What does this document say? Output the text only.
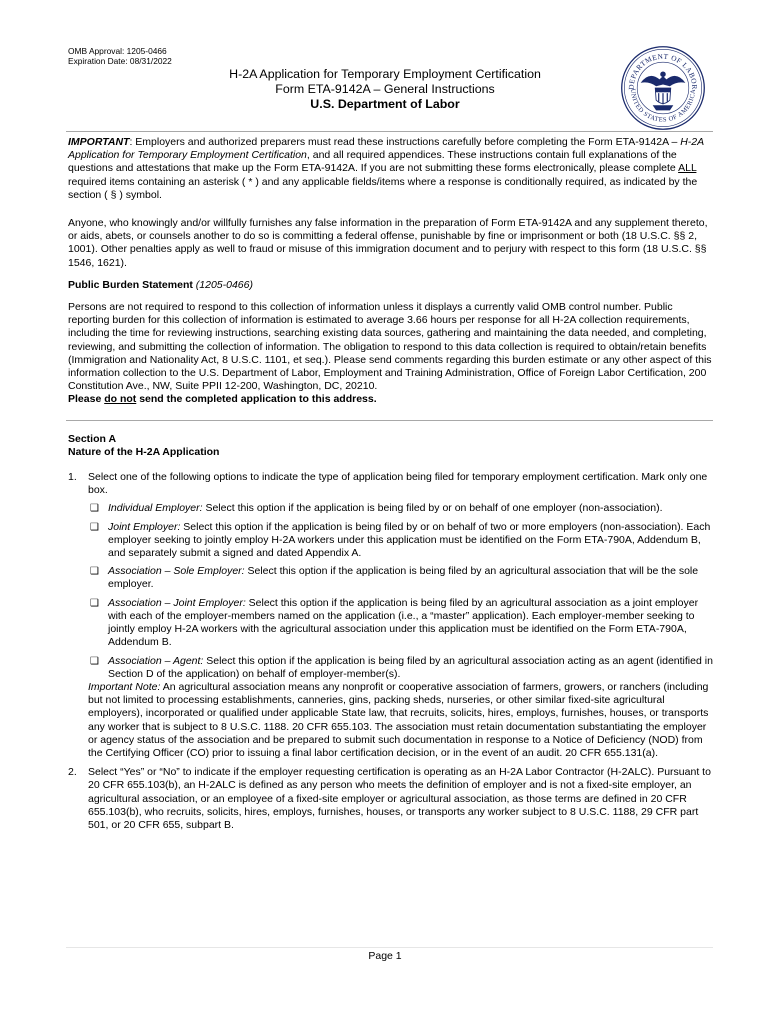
OMB Approval: 1205-0466
Expiration Date: 08/31/2022
H-2A Application for Temporary Employment Certification
Form ETA-9142A – General Instructions
U.S. Department of Labor
DEPARTMENT OF LABOR
UNITED STATES OF AMERICA

IMPORTANT: Employers and authorized preparers must read these instructions carefully before completing the Form ETA-9142A – H-2A Application for Temporary Employment Certification, and all required appendices. These instructions contain full explanations of the questions and attestations that make up the Form ETA-9142A. If you are not submitting these forms electronically, please complete ALL required items containing an asterisk ( * ) and any applicable fields/items where a response is conditionally required, as indicated by the section ( § ) symbol.

Anyone, who knowingly and/or willfully furnishes any false information in the preparation of Form ETA-9142A and any supplement thereto, or aids, abets, or counsels another to do so is committing a federal offense, punishable by fine or imprisonment or both (18 U.S.C. §§ 2, 1001). Other penalties apply as well to fraud or misuse of this immigration document and to perjury with respect to this form (18 U.S.C. §§ 1546, 1621).

Public Burden Statement (1205-0466)

Persons are not required to respond to this collection of information unless it displays a currently valid OMB control number. Public reporting burden for this collection of information is estimated to average 3.66 hours per response for all H-2A collection requirements, including the time for reviewing instructions, searching existing data sources, gathering and maintaining the data needed, and completing, reviewing, and submitting the collection of information. The obligation to respond to this data collection is required to obtain/retain benefits (Immigration and Nationality Act, 8 U.S.C. 1101, et seq.). Please send comments regarding this burden estimate or any other aspect of this information collection to the U.S. Department of Labor, Employment and Training Administration, Office of Foreign Labor Certification, 200 Constitution Ave., NW, Suite PPII 12-200, Washington, DC, 20210.
Please do not send the completed application to this address.

Section A

Nature of the H-2A Application

1. Select one of the following options to indicate the type of application being filed for temporary employment certification. Mark only one box.

❑ Individual Employer: Select this option if the application is being filed by or on behalf of one employer (non-association).

❑ Joint Employer: Select this option if the application is being filed by or on behalf of two or more employers (non-association). Each employer seeking to jointly employ H-2A workers under this application must be identified on the Form ETA-790A, Addendum B, and separately submit a signed and dated Appendix A.

❑ Association – Sole Employer: Select this option if the application is being filed by an agricultural association that will be the sole employer.

❑ Association – Joint Employer: Select this option if the application is being filed by an agricultural association as a joint employer with each of the employer-members named on the application (i.e., a “master” application). Each employer-member seeking to jointly employ H-2A workers with the agricultural association under this application must be identified on the Form ETA-790A, Addendum B.

❑ Association – Agent: Select this option if the application is being filed by an agricultural association acting as an agent (identified in Section D of the application) on behalf of employer-member(s).

Important Note: An agricultural association means any nonprofit or cooperative association of farmers, growers, or ranchers (including but not limited to processing establishments, canneries, gins, packing sheds, nurseries, or other similar fixed-site agricultural employers), incorporated or qualified under applicable State law, that recruits, solicits, hires, employs, furnishes, houses, or transports any worker that is subject to 8 U.S.C. 1188. 20 CFR 655.103. The association must retain documentation substantiating the employer or agency status of the association and be prepared to submit such documentation in response to a Notice of Deficiency (NOD) from the Certifying Officer (CO) prior to issuing a final labor certification decision, or in the event of an audit. 20 CFR 655.131(a).

2. Select “Yes” or “No” to indicate if the employer requesting certification is operating as an H-2A Labor Contractor (H-2ALC). Pursuant to 20 CFR 655.103(b), an H-2ALC is defined as any person who meets the definition of employer and is not a fixed-site employer, an agricultural association, or an employee of a fixed-site employer or agricultural association, as those terms are defined in 20 CFR 655.103(b), who recruits, solicits, hires, employs, furnishes, houses, or transports any worker subject to 8 U.S.C. 1188, 29 CFR part 501, or 20 CFR 655, subpart B.

Page 1
